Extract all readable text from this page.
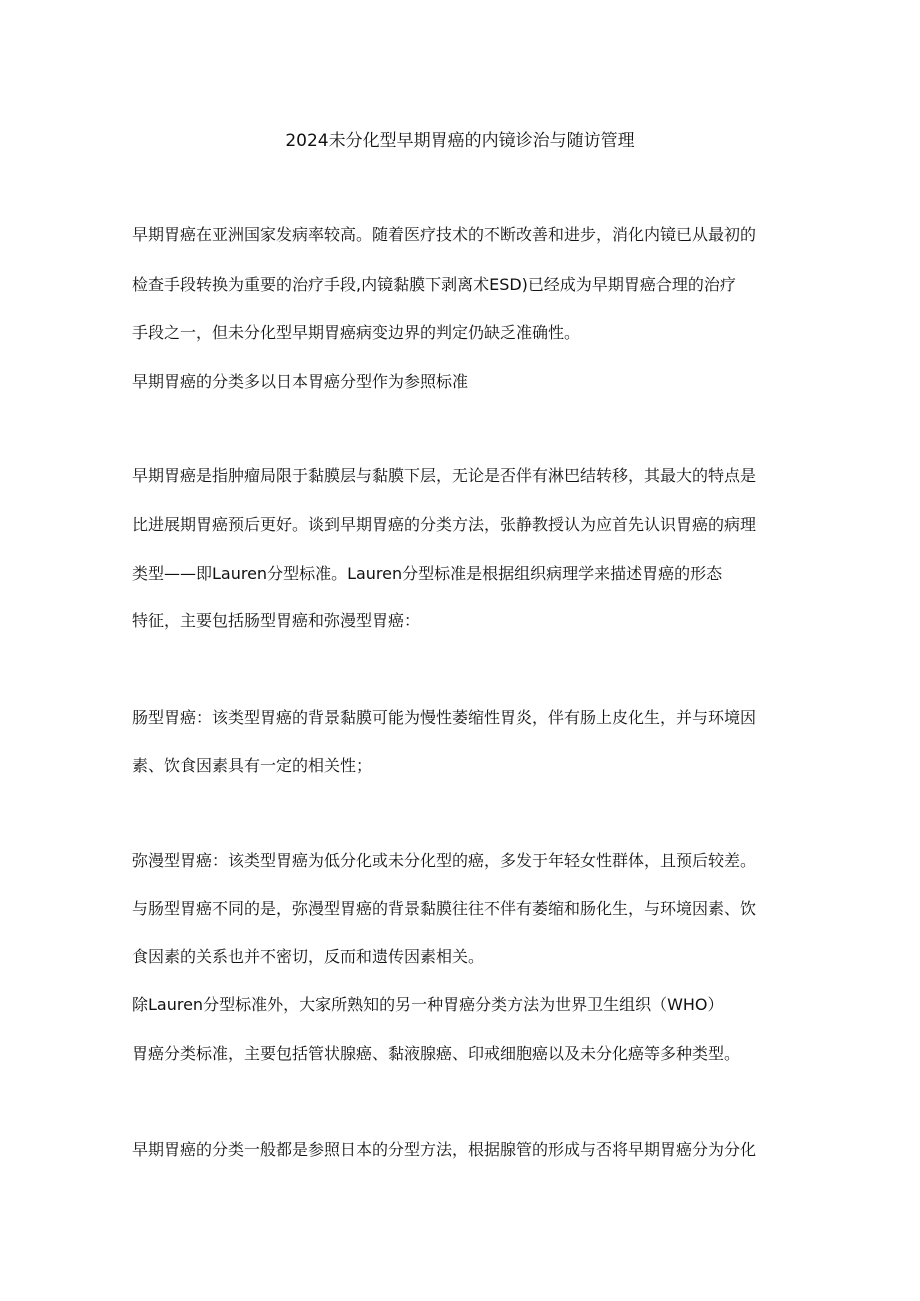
2024未分化型早期胃癌的内镜诊治与随访管理
早期胃癌在亚洲国家发病率较高。随着医疗技术的不断改善和进步，消化内镜已从最初的
检查手段转换为重要的治疗手段,内镜黏膜下剥离术ESD)已经成为早期胃癌合理的治疗
手段之一，但未分化型早期胃癌病变边界的判定仍缺乏准确性。
早期胃癌的分类多以日本胃癌分型作为参照标准
早期胃癌是指肿瘤局限于黏膜层与黏膜下层，无论是否伴有淋巴结转移，其最大的特点是
比进展期胃癌预后更好。谈到早期胃癌的分类方法，张静教授认为应首先认识胃癌的病理
类型——即Lauren分型标准。Lauren分型标准是根据组织病理学来描述胃癌的形态
特征，主要包括肠型胃癌和弥漫型胃癌：
肠型胃癌：该类型胃癌的背景黏膜可能为慢性萎缩性胃炎，伴有肠上皮化生，并与环境因
素、饮食因素具有一定的相关性；
弥漫型胃癌：该类型胃癌为低分化或未分化型的癌，多发于年轻女性群体，且预后较差。
与肠型胃癌不同的是，弥漫型胃癌的背景黏膜往往不伴有萎缩和肠化生，与环境因素、饮
食因素的关系也并不密切，反而和遗传因素相关。
除Lauren分型标准外，大家所熟知的另一种胃癌分类方法为世界卫生组织（WHO）
胃癌分类标准，主要包括管状腺癌、黏液腺癌、印戒细胞癌以及未分化癌等多种类型。
早期胃癌的分类一般都是参照日本的分型方法，根据腺管的形成与否将早期胃癌分为分化
